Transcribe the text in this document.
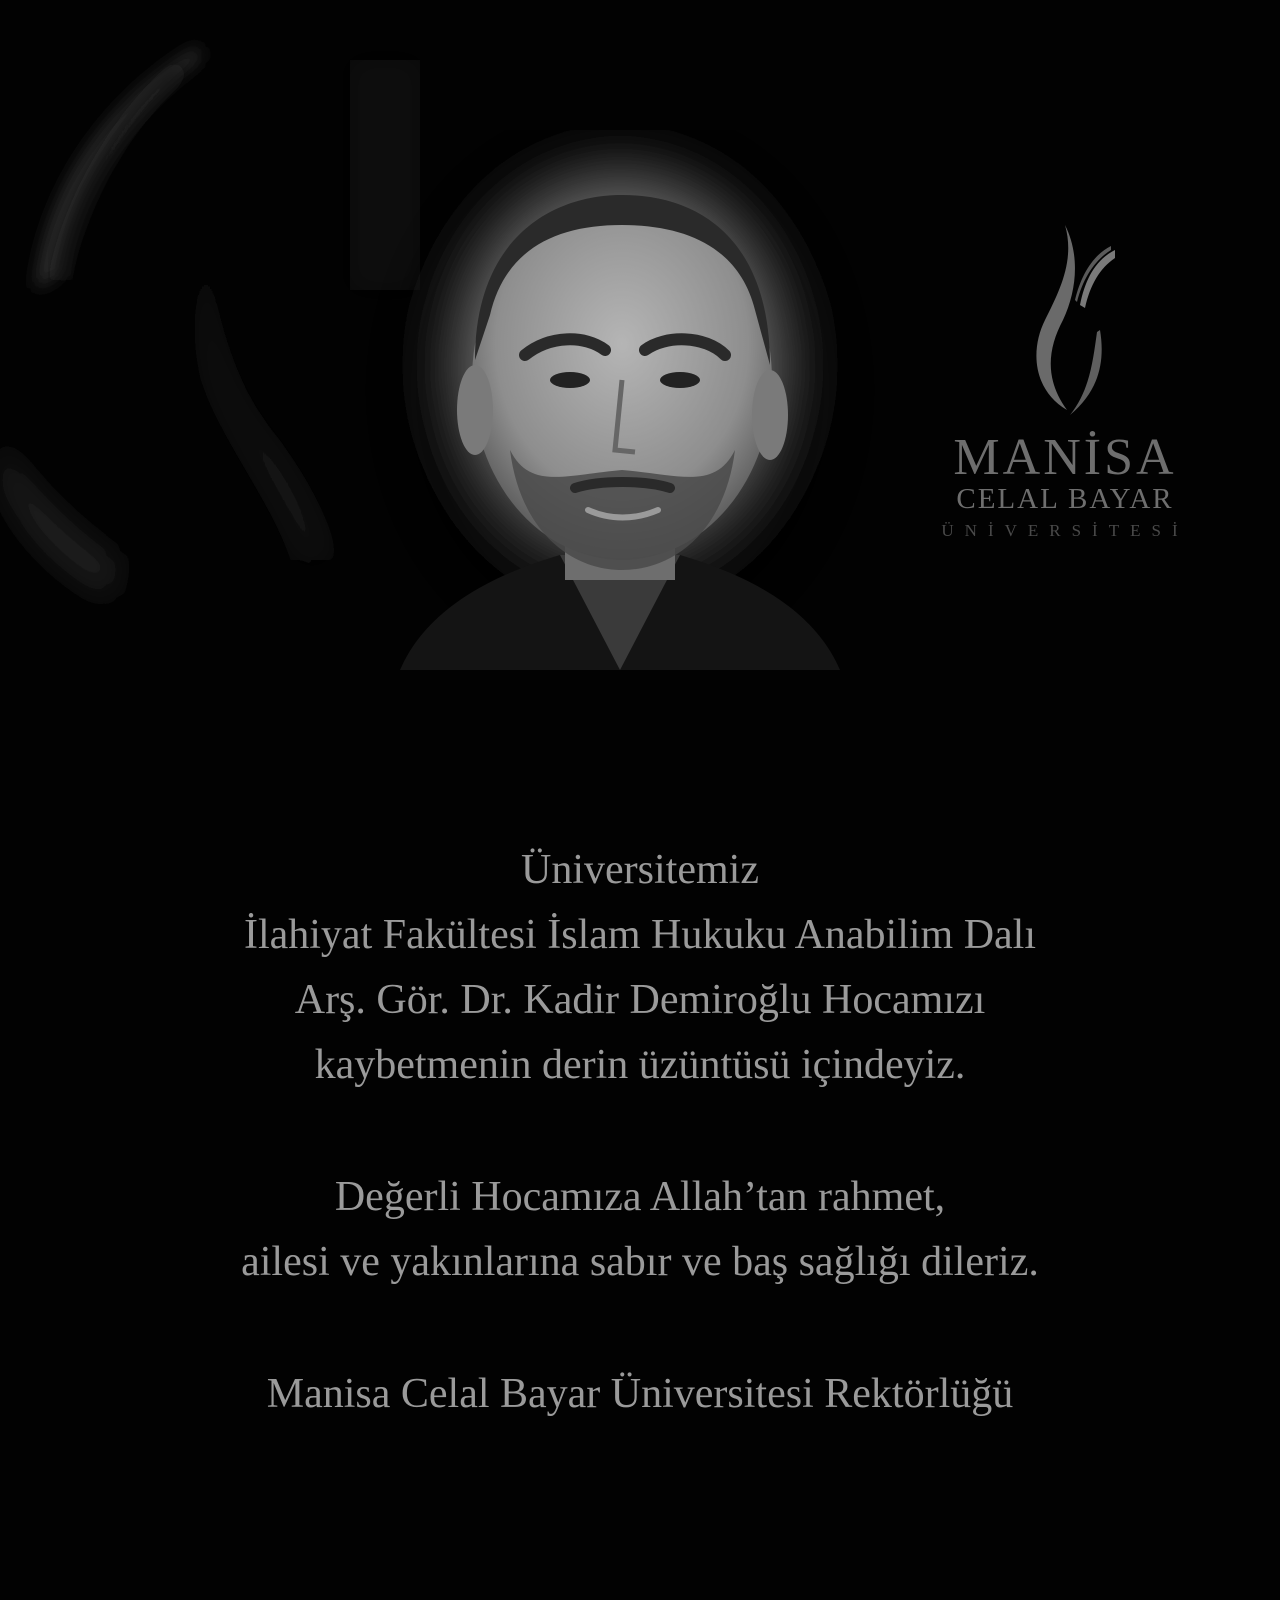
MANİSA
CELAL BAYAR
ÜNİVERSİTESİ
Üniversitemiz
İlahiyat Fakültesi İslam Hukuku Anabilim Dalı
Arş. Gör. Dr. Kadir Demiroğlu Hocamızı
kaybetmenin derin üzüntüsü içindeyiz.
Değerli Hocamıza Allah’tan rahmet,
ailesi ve yakınlarına sabır ve baş sağlığı dileriz.
Manisa Celal Bayar Üniversitesi Rektörlüğü
